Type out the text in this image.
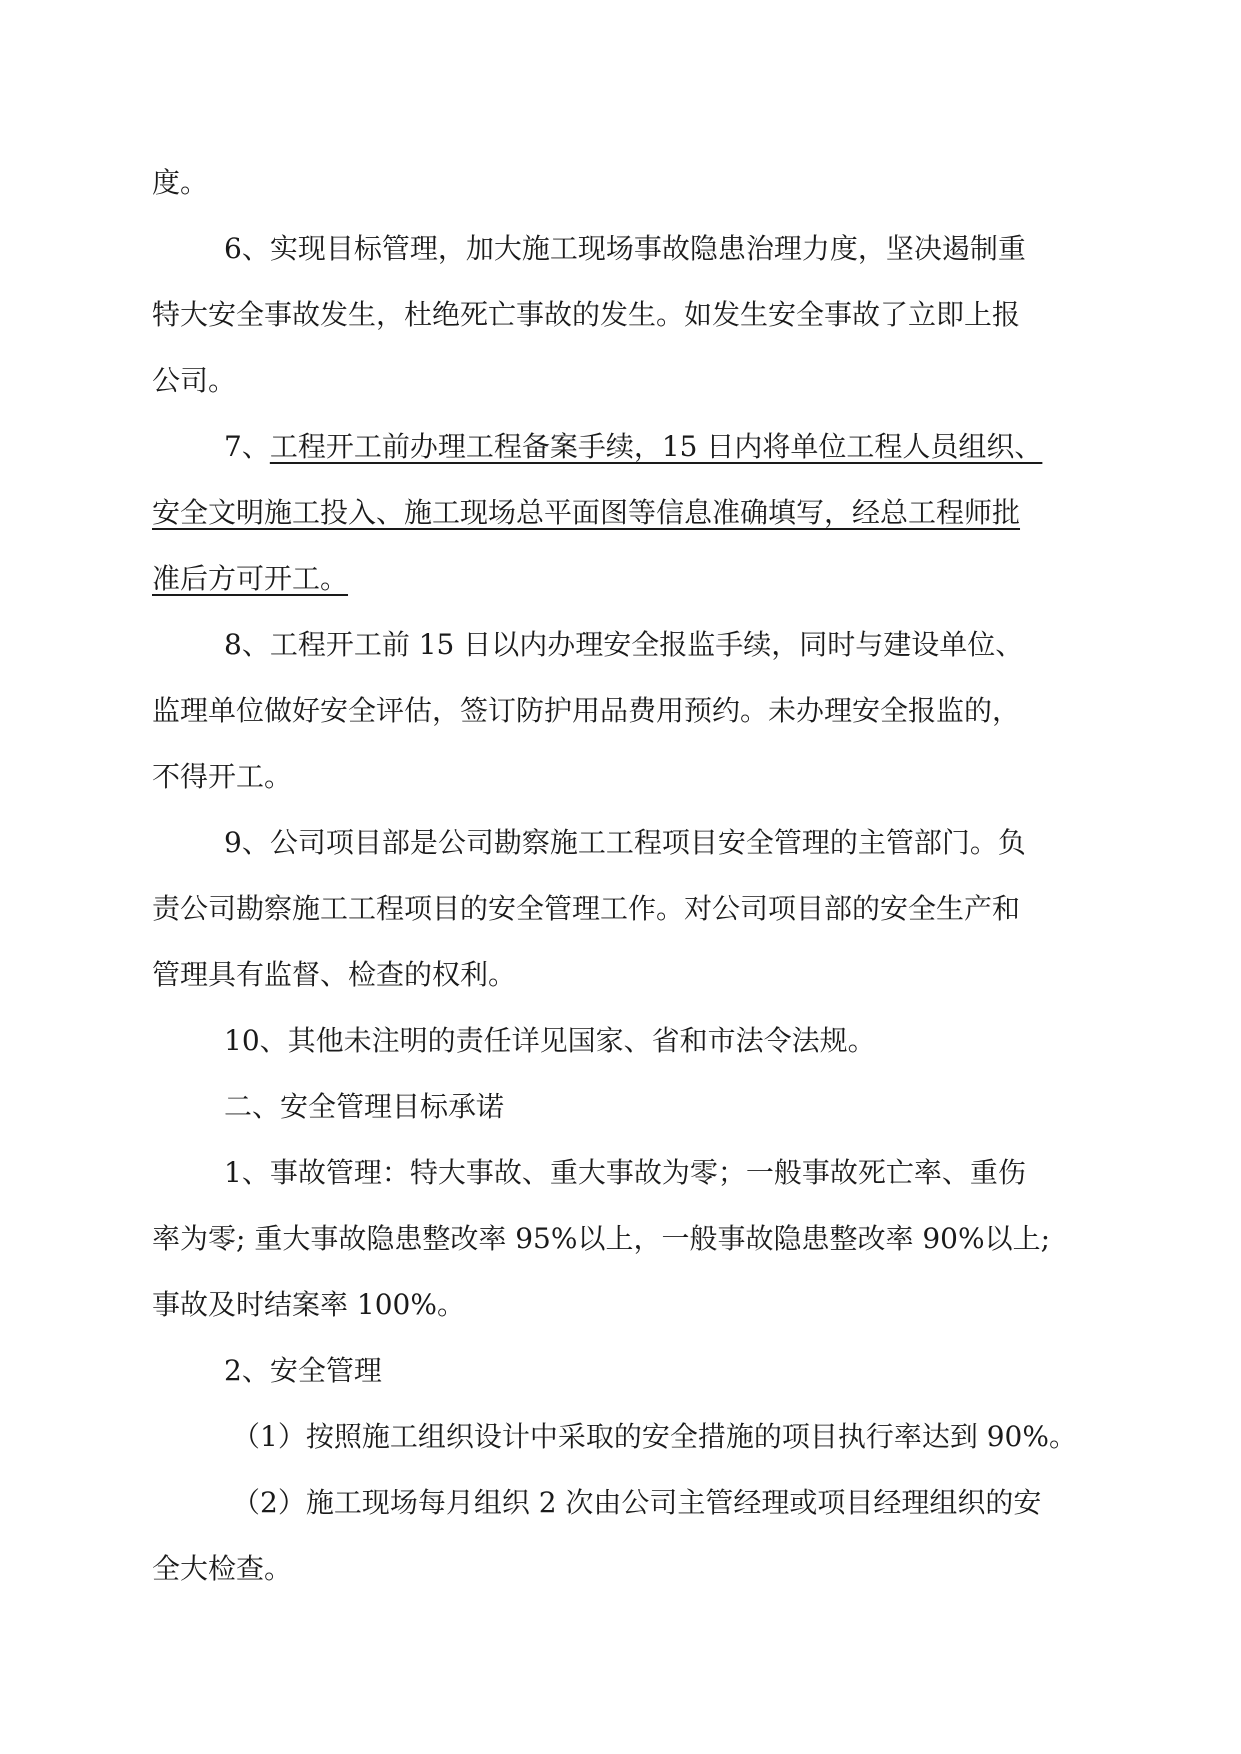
度。
6、实现目标管理，加大施工现场事故隐患治理力度，坚决遏制重
特大安全事故发生，杜绝死亡事故的发生。如发生安全事故了立即上报
公司。
7、工程开工前办理工程备案手续，15 日内将单位工程人员组织、
安全文明施工投入、施工现场总平面图等信息准确填写，经总工程师批
准后方可开工。
8、工程开工前 15 日以内办理安全报监手续，同时与建设单位、
监理单位做好安全评估，签订防护用品费用预约。未办理安全报监的，
不得开工。
9、公司项目部是公司勘察施工工程项目安全管理的主管部门。负
责公司勘察施工工程项目的安全管理工作。对公司项目部的安全生产和
管理具有监督、检查的权利。
10、其他未注明的责任详见国家、省和市法令法规。
二、安全管理目标承诺
1、事故管理：特大事故、重大事故为零；一般事故死亡率、重伤
率为零; 重大事故隐患整改率 95%以上，一般事故隐患整改率 90%以上;
事故及时结案率 100%。
2、安全管理
（1）按照施工组织设计中采取的安全措施的项目执行率达到 90%。
（2）施工现场每月组织 2 次由公司主管经理或项目经理组织的安
全大检查。
